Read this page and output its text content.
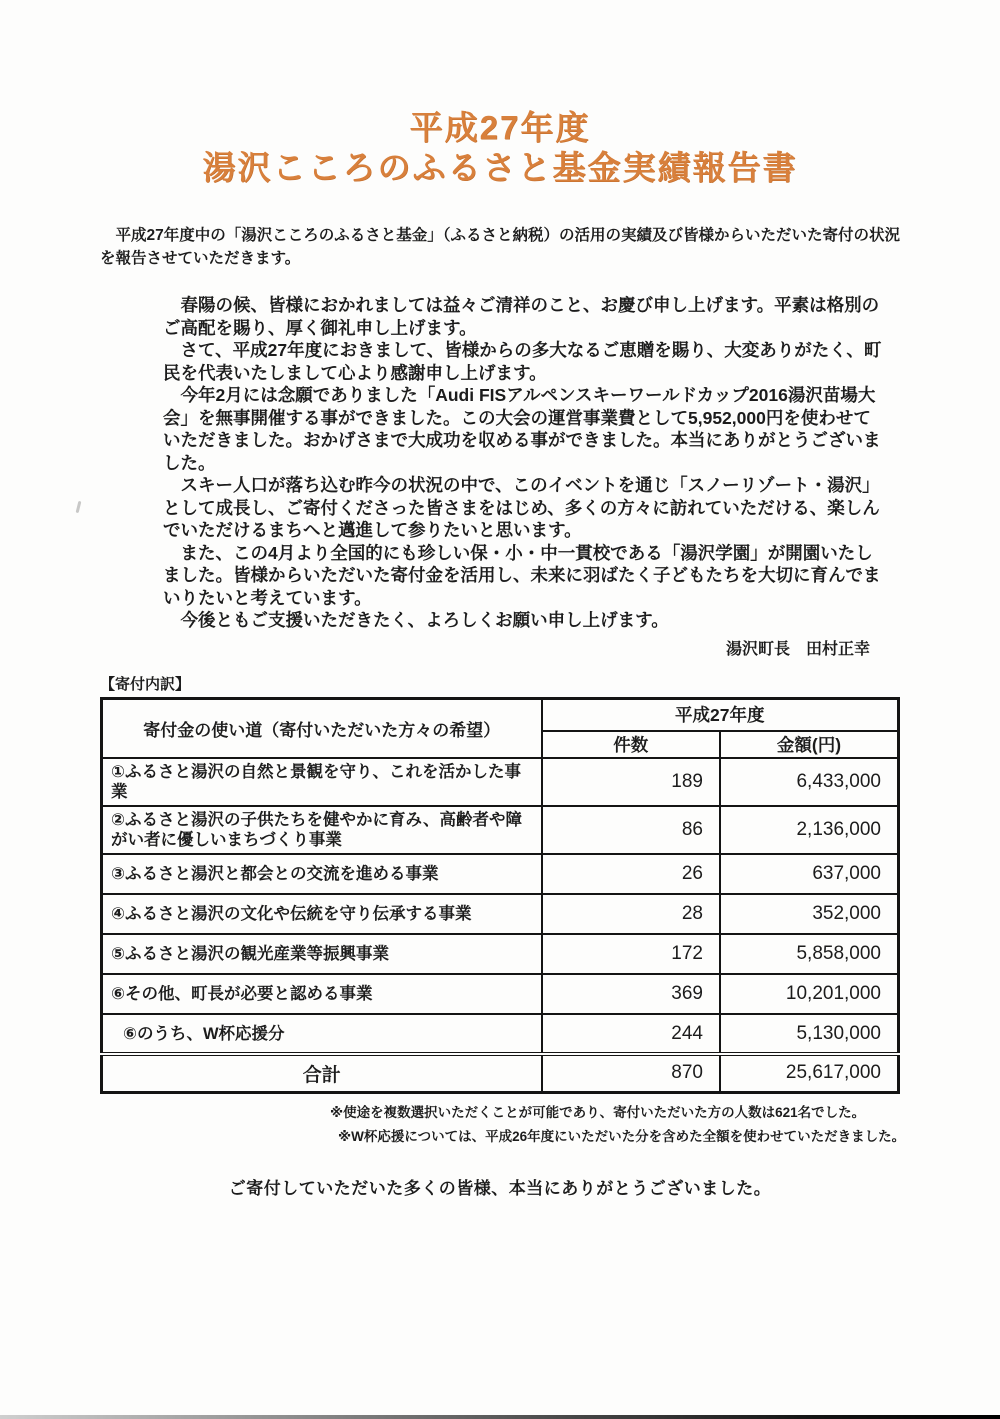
平成27年度
湯沢こころのふるさと基金実績報告書

平成27年度中の「湯沢こころのふるさと基金」（ふるさと納税）の活用の実績及び皆様からいただいた寄付の状況を報告させていただきます。

春陽の候、皆様におかれましては益々ご清祥のこと、お慶び申し上げます。平素は格別のご高配を賜り、厚く御礼申し上げます。

さて、平成27年度におきまして、皆様からの多大なるご恵贈を賜り、大変ありがたく、町民を代表いたしまして心より感謝申し上げます。

今年2月には念願でありました「Audi FISアルペンスキーワールドカップ2016湯沢苗場大会」を無事開催する事ができました。この大会の運営事業費として5,952,000円を使わせていただきました。おかげさまで大成功を収める事ができました。本当にありがとうございました。

スキー人口が落ち込む昨今の状況の中で、このイベントを通じ「スノーリゾート・湯沢」として成長し、ご寄付くださった皆さまをはじめ、多くの方々に訪れていただける、楽しんでいただけるまちへと邁進して参りたいと思います。

また、この4月より全国的にも珍しい保・小・中一貫校である「湯沢学園」が開園いたしました。皆様からいただいた寄付金を活用し、未来に羽ばたく子どもたちを大切に育んでまいりたいと考えています。

今後ともご支援いただきたく、よろしくお願い申し上げます。

湯沢町長　田村正幸
【寄付内訳】
寄付金の使い道（寄付いただいた方々の希望）	平成27年度	
	件数	金額(円)
①ふるさと湯沢の自然と景観を守り、これを活かした事業	189	6,433,000
②ふるさと湯沢の子供たちを健やかに育み、高齢者や障がい者に優しいまちづくり事業	86	2,136,000
③ふるさと湯沢と都会との交流を進める事業	26	637,000
④ふるさと湯沢の文化や伝統を守り伝承する事業	28	352,000
⑤ふるさと湯沢の観光産業等振興事業	172	5,858,000
⑥その他、町長が必要と認める事業	369	10,201,000
⑥のうち、W杯応援分	244	5,130,000
合計	870	25,617,000
※使途を複数選択いただくことが可能であり、寄付いただいた方の人数は621名でした。
※W杯応援については、平成26年度にいただいた分を含めた全額を使わせていただきました。
ご寄付していただいた多くの皆様、本当にありがとうございました。
